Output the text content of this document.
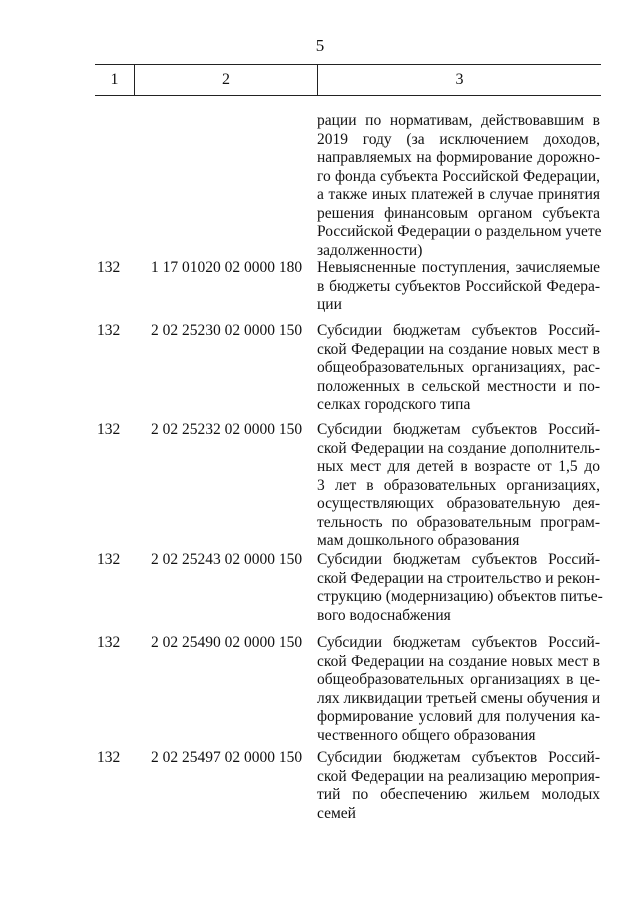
5
1	2	3
рации по нормативам, действовавшим в
2019 году (за исключением доходов,
направляемых на формирование дорожно-
го фонда субъекта Российской Федерации,
а также иных платежей в случае принятия
решения финансовым органом субъекта
Российской Федерации о раздельном учете
задолженности)
132	1 17 01020 02 0000 180 Невыясненные поступления, зачисляемые
в бюджеты субъектов Российской Федера-
ции
132	2 02 25230 02 0000 150 Субсидии бюджетам субъектов Россий-
ской Федерации на создание новых мест в
общеобразовательных организациях, рас-
положенных в сельской местности и по-
селках городского типа
132	2 02 25232 02 0000 150 Субсидии бюджетам субъектов Россий-
ской Федерации на создание дополнитель-
ных мест для детей в возрасте от 1,5 до
3 лет в образовательных организациях,
осуществляющих образовательную дея-
тельность по образовательным програм-
мам дошкольного образования
132	2 02 25243 02 0000 150 Субсидии бюджетам субъектов Россий-
ской Федерации на строительство и рекон-
струкцию (модернизацию) объектов питье-
вого водоснабжения
132	2 02 25490 02 0000 150 Субсидии бюджетам субъектов Россий-
ской Федерации на создание новых мест в
общеобразовательных организациях в це-
лях ликвидации третьей смены обучения и
формирование условий для получения ка-
чественного общего образования
132	2 02 25497 02 0000 150 Субсидии бюджетам субъектов Россий-
ской Федерации на реализацию мероприя-
тий по обеспечению жильем молодых
семей
